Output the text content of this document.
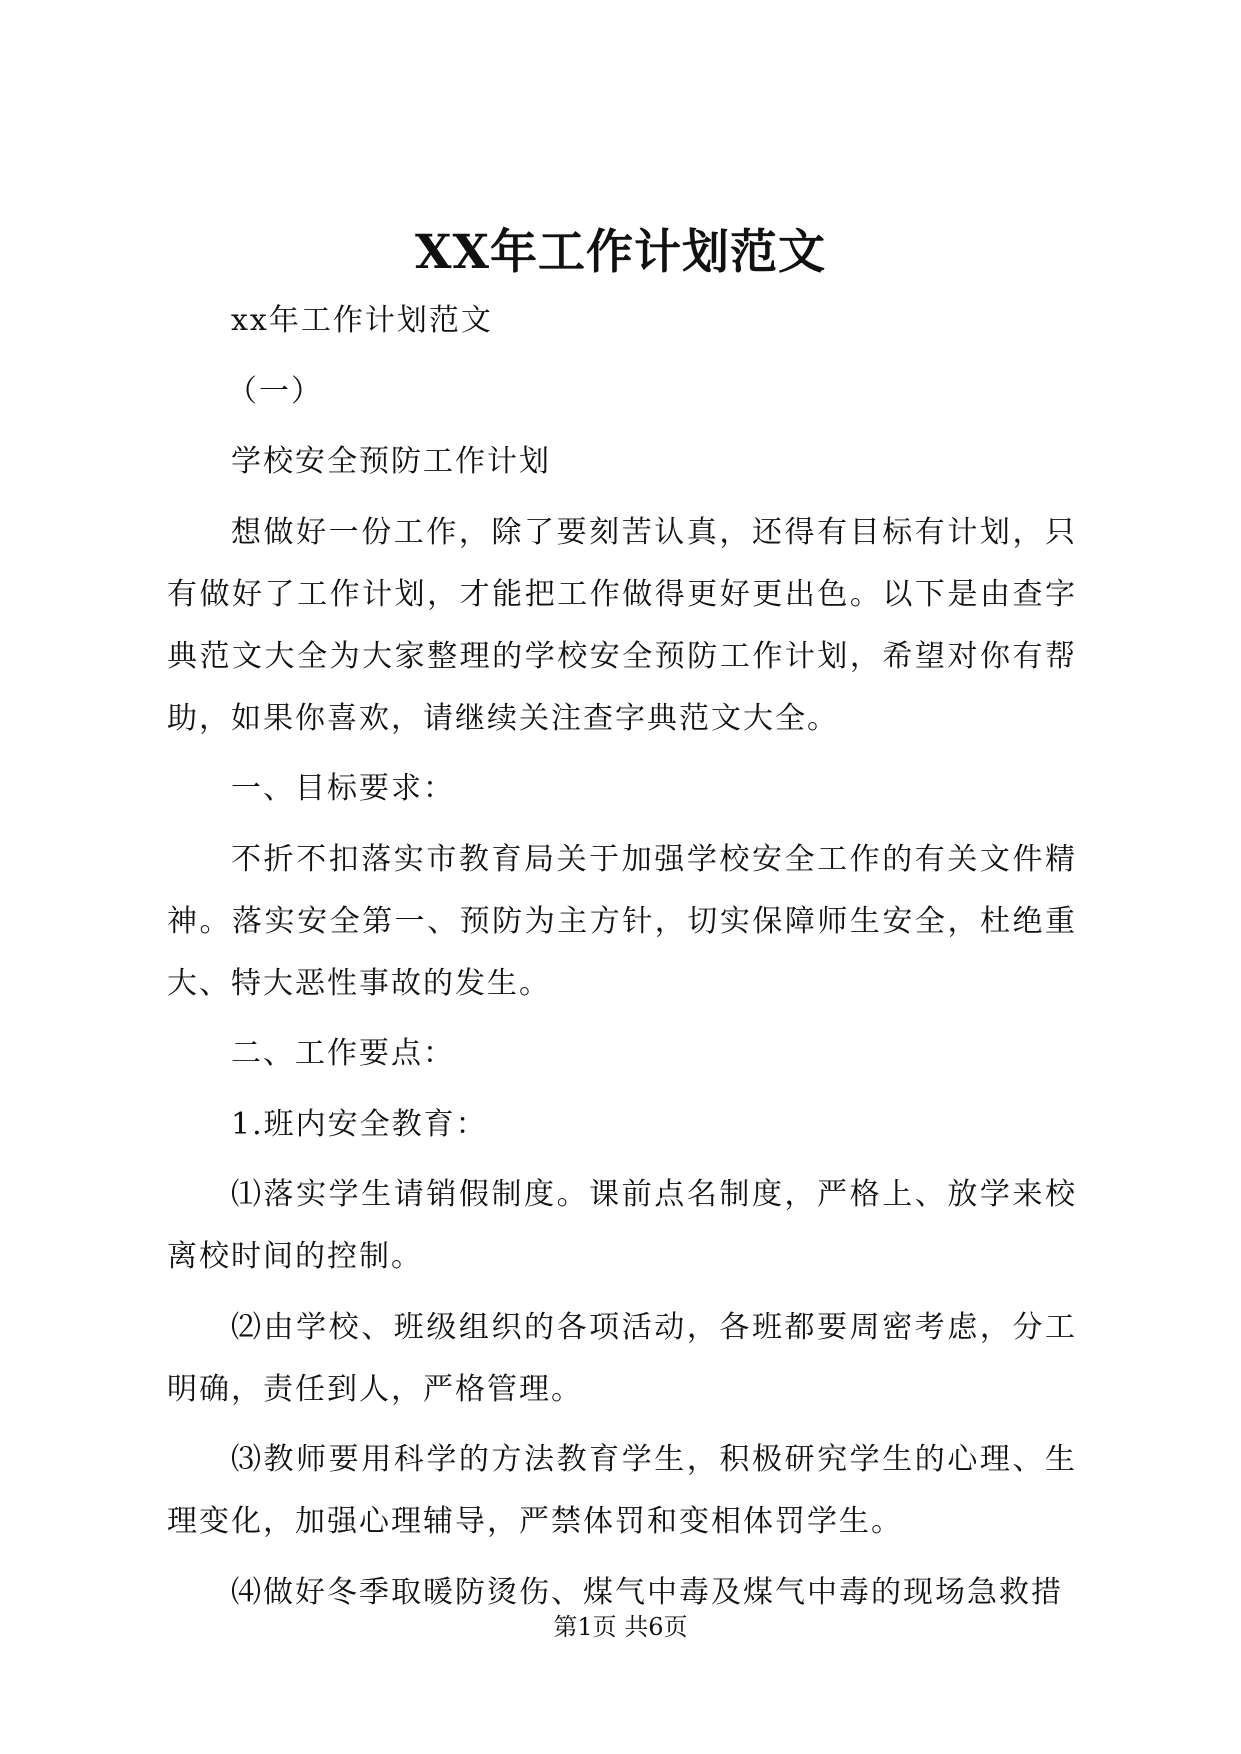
XX年工作计划范文

xx年工作计划范文

（一）

学校安全预防工作计划

想做好一份工作，除了要刻苦认真，还得有目标有计划，只有做好了工作计划，才能把工作做得更好更出色。以下是由查字典范文大全为大家整理的学校安全预防工作计划，希望对你有帮助，如果你喜欢，请继续关注查字典范文大全。

一、目标要求：

不折不扣落实市教育局关于加强学校安全工作的有关文件精神。落实安全第一、预防为主方针，切实保障师生安全，杜绝重大、特大恶性事故的发生。

二、工作要点：

1.班内安全教育：

⑴落实学生请销假制度。课前点名制度，严格上、放学来校离校时间的控制。

⑵由学校、班级组织的各项活动，各班都要周密考虑，分工明确，责任到人，严格管理。

⑶教师要用科学的方法教育学生，积极研究学生的心理、生理变化，加强心理辅导，严禁体罚和变相体罚学生。

⑷做好冬季取暖防烫伤、煤气中毒及煤气中毒的现场急救措

第1页 共6页
